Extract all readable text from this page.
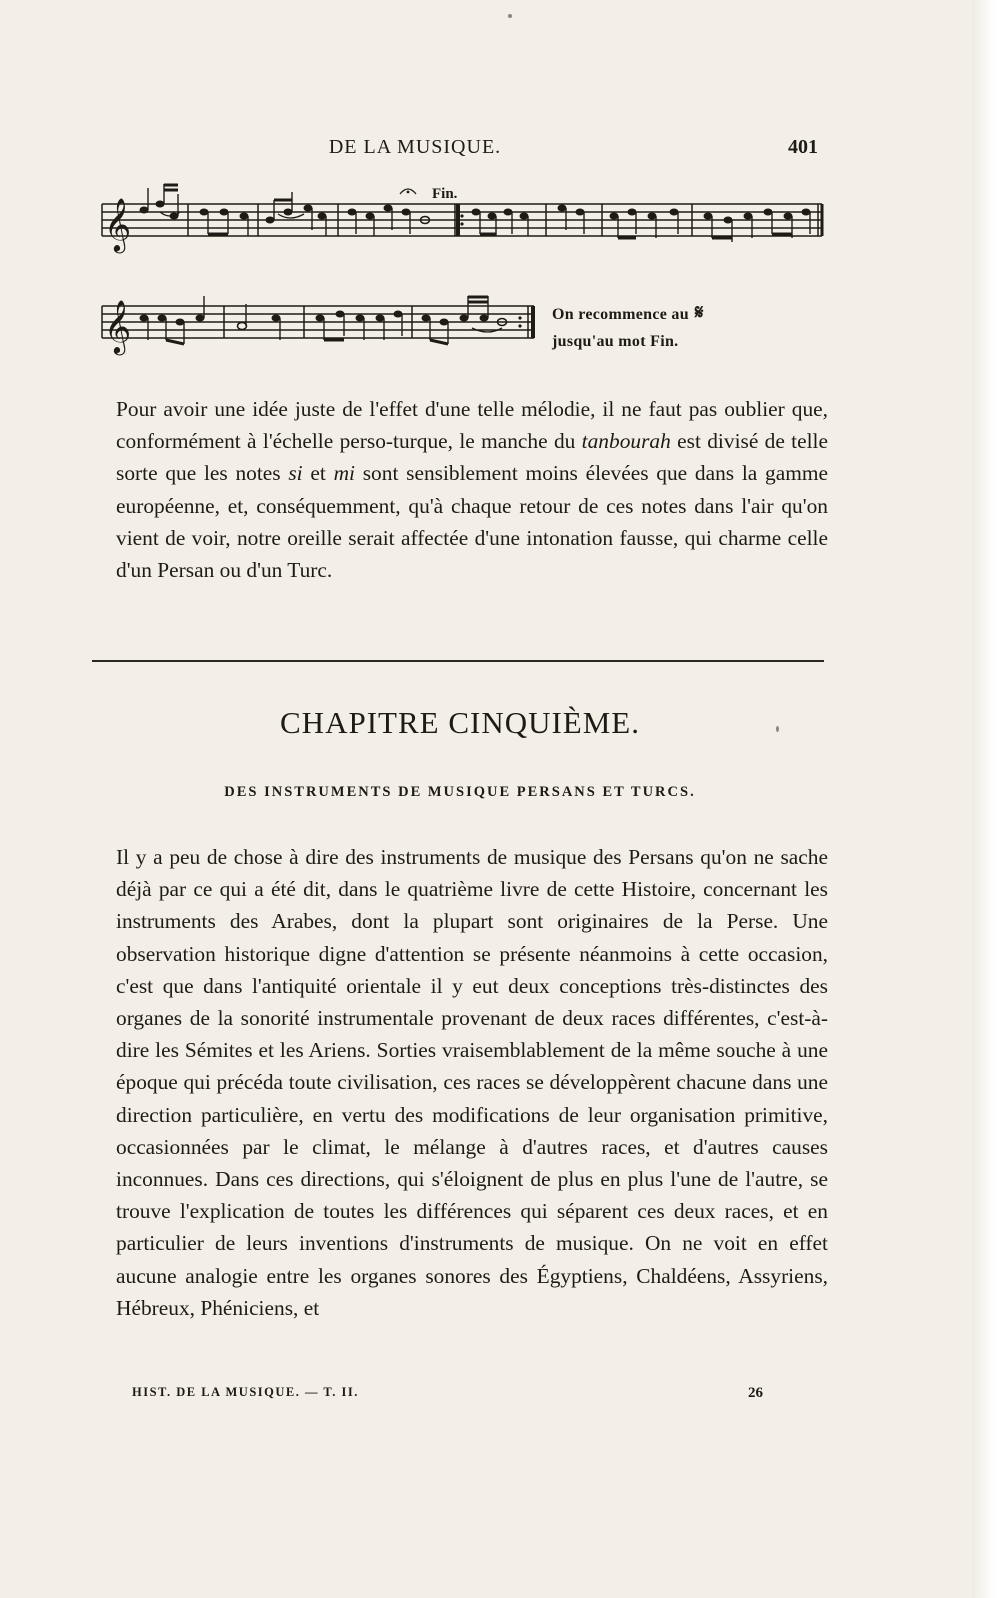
DE LA MUSIQUE.	401
𝄞
Fin.
𝄞	On recommence au 𝄋
jusqu'au mot Fin.

Pour avoir une idée juste de l'effet d'une telle mélodie, il ne faut pas oublier que, conformément à l'échelle perso-turque, le manche du tanbourah est divisé de telle sorte que les notes si et mi sont sensiblement moins élevées que dans la gamme européenne, et, conséquemment, qu'à chaque retour de ces notes dans l'air qu'on vient de voir, notre oreille serait affectée d'une intonation fausse, qui charme celle d'un Persan ou d'un Turc.

CHAPITRE CINQUIÈME.
DES INSTRUMENTS DE MUSIQUE PERSANS ET TURCS.

Il y a peu de chose à dire des instruments de musique des Persans qu'on ne sache déjà par ce qui a été dit, dans le quatrième livre de cette Histoire, concernant les instruments des Arabes, dont la plupart sont originaires de la Perse. Une observation historique digne d'attention se présente néanmoins à cette occasion, c'est que dans l'antiquité orientale il y eut deux conceptions très-distinctes des organes de la sonorité instrumentale provenant de deux races différentes, c'est-à-dire les Sémites et les Ariens. Sorties vraisemblablement de la même souche à une époque qui précéda toute civilisation, ces races se développèrent chacune dans une direction particulière, en vertu des modifications de leur organisation primitive, occasionnées par le climat, le mélange à d'autres races, et d'autres causes inconnues. Dans ces directions, qui s'éloignent de plus en plus l'une de l'autre, se trouve l'explication de toutes les différences qui séparent ces deux races, et en particulier de leurs inventions d'instruments de musique. On ne voit en effet aucune analogie entre les organes sonores des Égyptiens, Chaldéens, Assyriens, Hébreux, Phéniciens, et

HIST. DE LA MUSIQUE. — T. II.	26
